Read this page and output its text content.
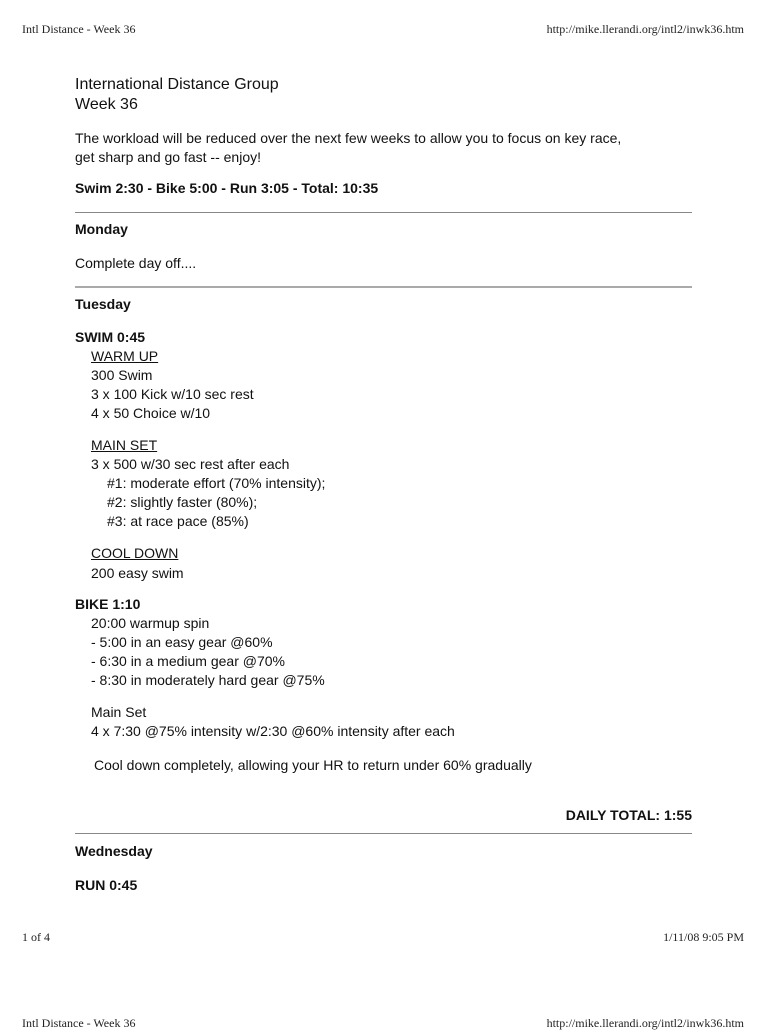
Intl Distance - Week 36	http://mike.llerandi.org/intl2/inwk36.htm
International Distance Group
Week 36
The workload will be reduced over the next few weeks to allow you to focus on key race,
get sharp and go fast -- enjoy!
Swim 2:30 - Bike 5:00 - Run 3:05 - Total: 10:35
Monday
Complete day off....
Tuesday
SWIM 0:45
WARM UP
300 Swim
3 x 100 Kick w/10 sec rest
4 x 50 Choice w/10
MAIN SET
3 x 500 w/30 sec rest after each
#1: moderate effort (70% intensity);
#2: slightly faster (80%);
#3: at race pace (85%)
COOL DOWN
200 easy swim
BIKE 1:10
20:00 warmup spin
- 5:00 in an easy gear @60%
- 6:30 in a medium gear @70%
- 8:30 in moderately hard gear @75%
Main Set
4 x 7:30 @75% intensity w/2:30 @60% intensity after each
Cool down completely, allowing your HR to return under 60% gradually
DAILY TOTAL: 1:55
Wednesday
RUN 0:45
1 of 4	1/11/08 9:05 PM
Intl Distance - Week 36	http://mike.llerandi.org/intl2/inwk36.htm
